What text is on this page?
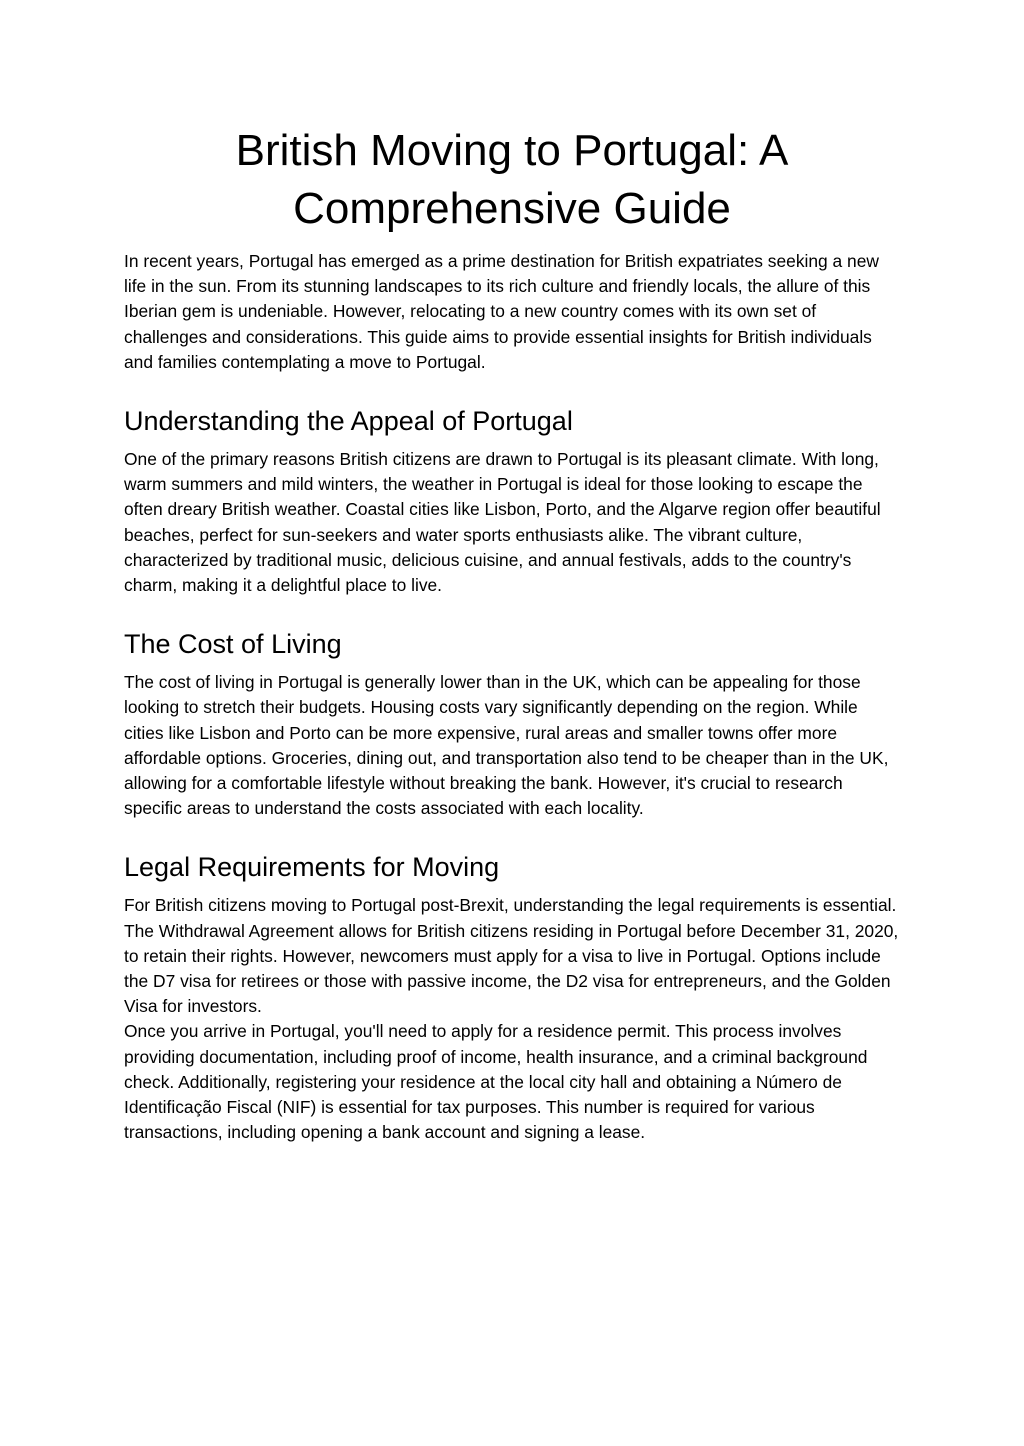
British Moving to Portugal: A
Comprehensive Guide

In recent years, Portugal has emerged as a prime destination for British expatriates seeking a new life in the sun. From its stunning landscapes to its rich culture and friendly locals, the allure of this Iberian gem is undeniable. However, relocating to a new country comes with its own set of challenges and considerations. This guide aims to provide essential insights for British individuals and families contemplating a move to Portugal.

Understanding the Appeal of Portugal

One of the primary reasons British citizens are drawn to Portugal is its pleasant climate. With long, warm summers and mild winters, the weather in Portugal is ideal for those looking to escape the often dreary British weather. Coastal cities like Lisbon, Porto, and the Algarve region offer beautiful beaches, perfect for sun-seekers and water sports enthusiasts alike. The vibrant culture, characterized by traditional music, delicious cuisine, and annual festivals, adds to the country's charm, making it a delightful place to live.

The Cost of Living

The cost of living in Portugal is generally lower than in the UK, which can be appealing for those looking to stretch their budgets. Housing costs vary significantly depending on the region. While cities like Lisbon and Porto can be more expensive, rural areas and smaller towns offer more affordable options. Groceries, dining out, and transportation also tend to be cheaper than in the UK, allowing for a comfortable lifestyle without breaking the bank. However, it's crucial to research specific areas to understand the costs associated with each locality.

Legal Requirements for Moving

For British citizens moving to Portugal post-Brexit, understanding the legal requirements is essential. The Withdrawal Agreement allows for British citizens residing in Portugal before December 31, 2020, to retain their rights. However, newcomers must apply for a visa to live in Portugal. Options include the D7 visa for retirees or those with passive income, the D2 visa for entrepreneurs, and the Golden Visa for investors.

Once you arrive in Portugal, you'll need to apply for a residence permit. This process involves providing documentation, including proof of income, health insurance, and a criminal background check. Additionally, registering your residence at the local city hall and obtaining a Número de Identificação Fiscal (NIF) is essential for tax purposes. This number is required for various transactions, including opening a bank account and signing a lease.
